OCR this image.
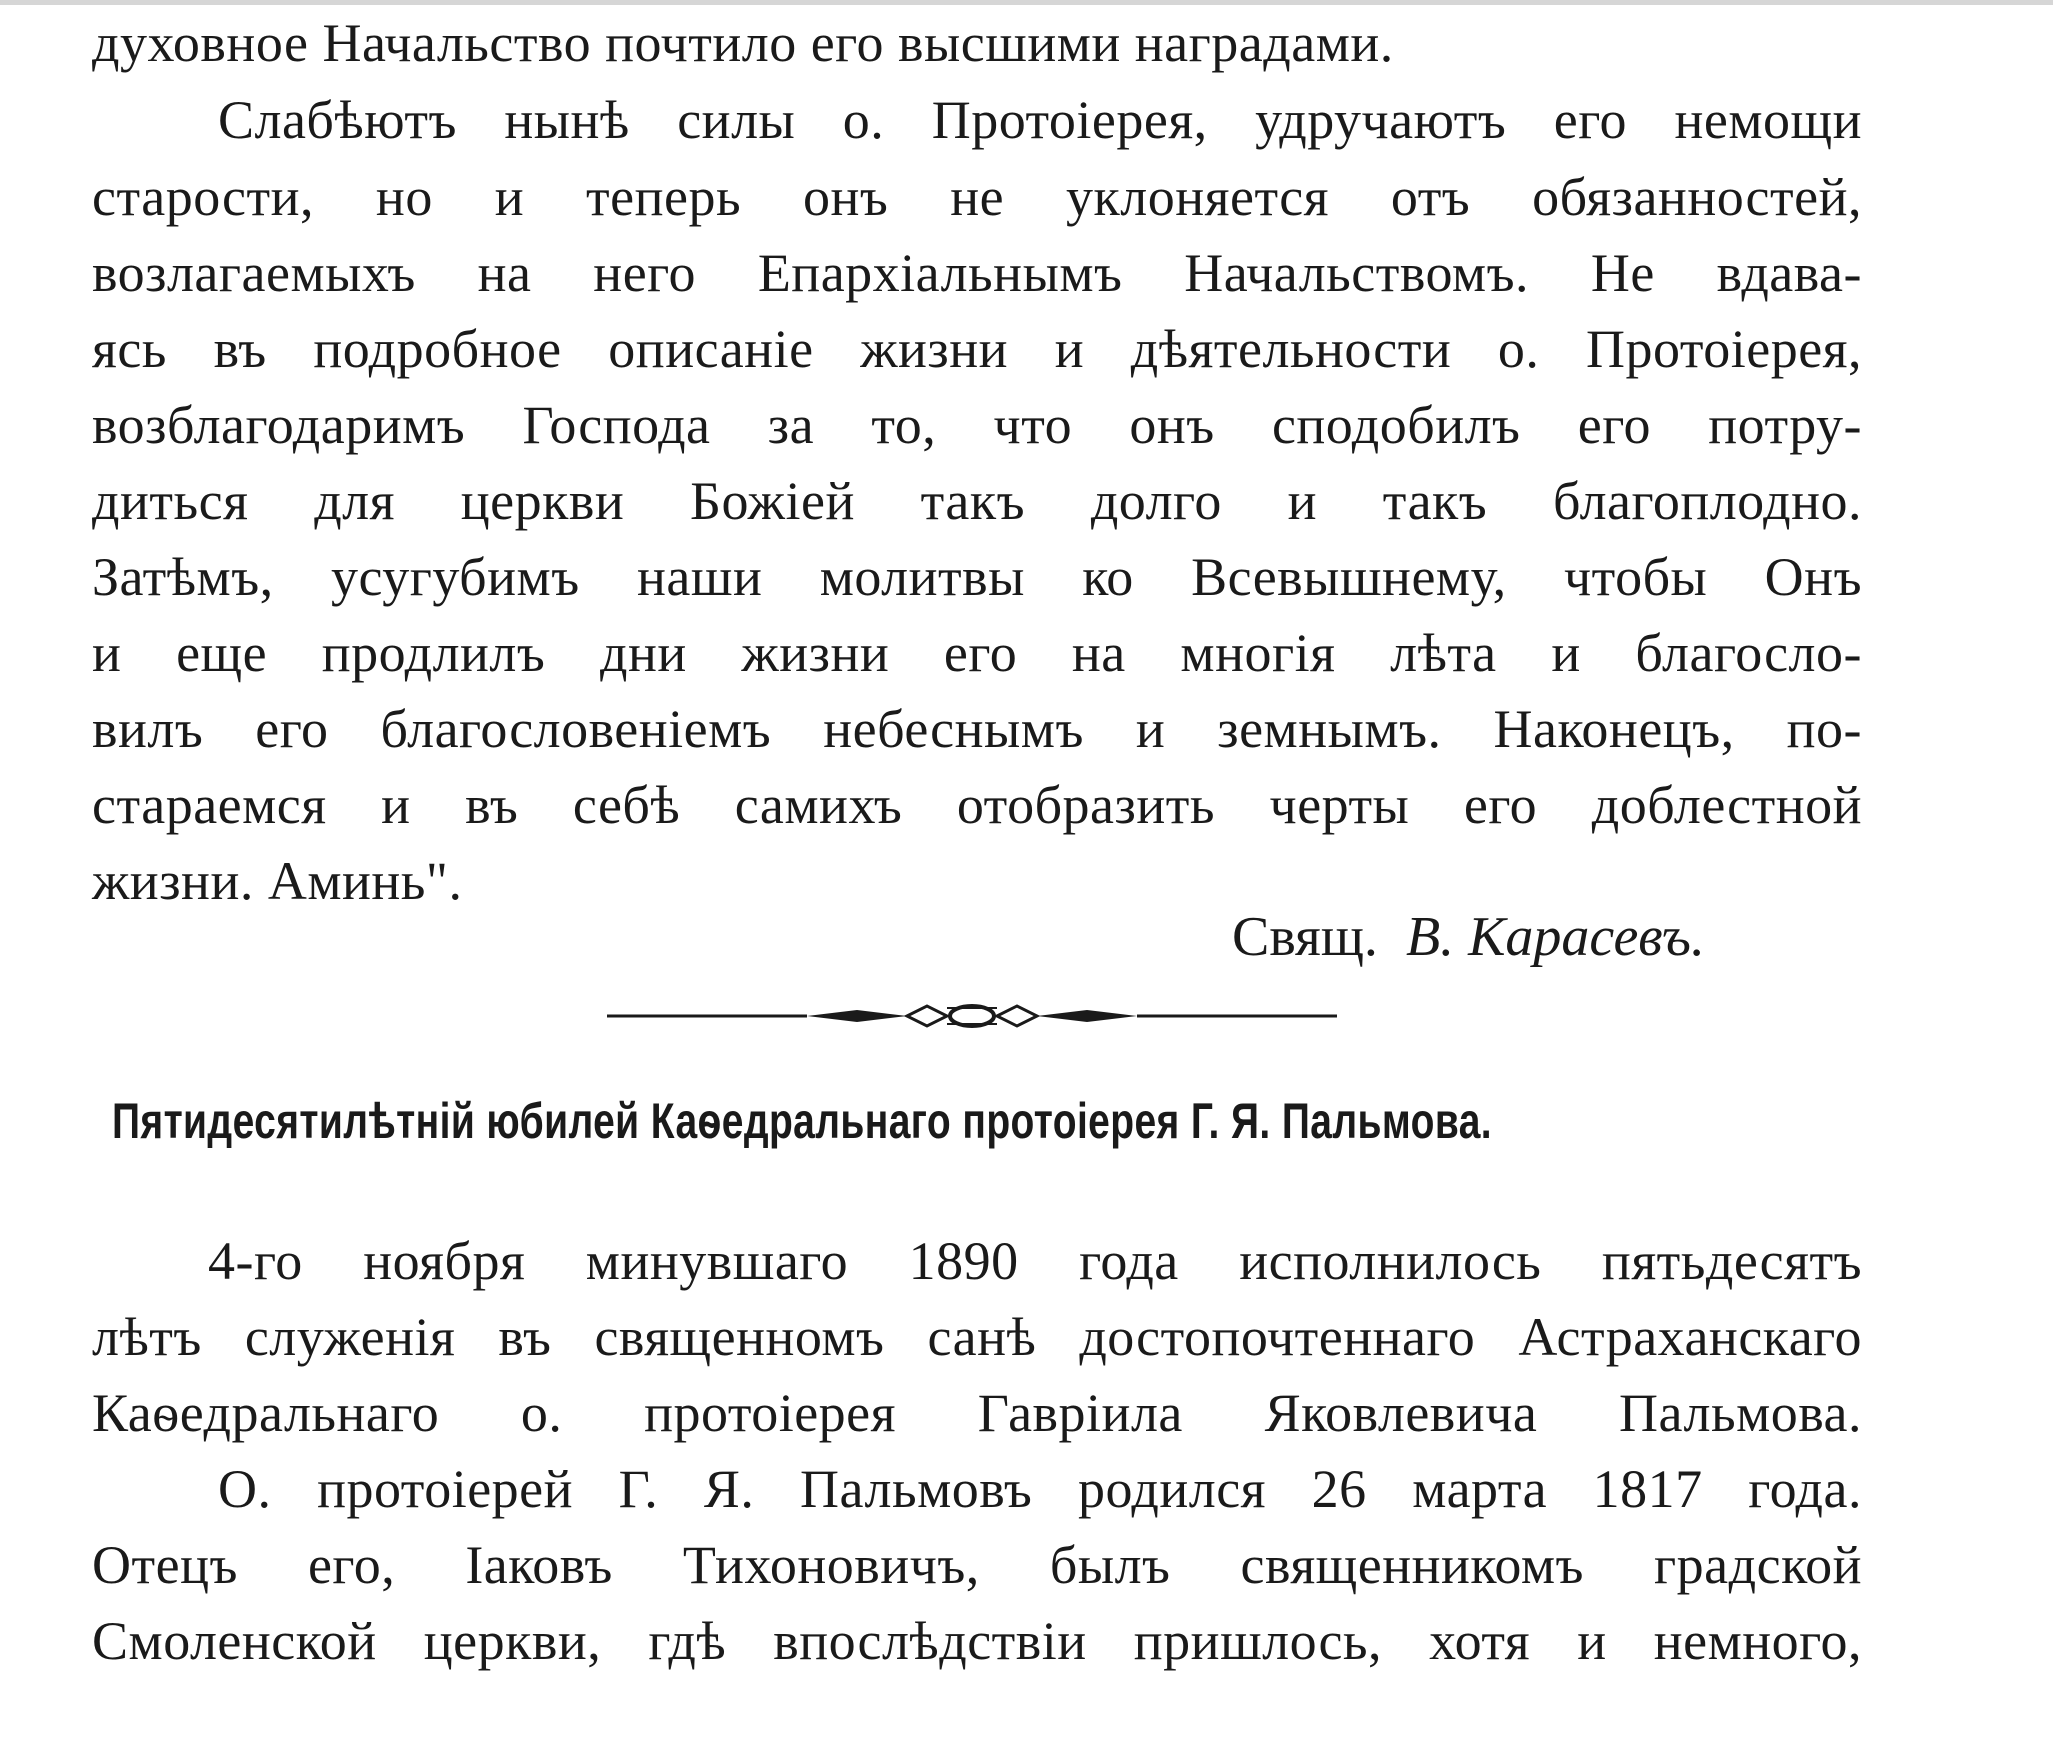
духовное Начальство почтило его высшими наградами.
Слабѣютъ нынѣ силы о. Протоіерея, удручаютъ его немощи
старости, но и теперь онъ не уклоняется отъ обязанностей,
возлагаемыхъ на него Епархіальнымъ Начальствомъ. Не вдава-
ясь въ подробное описаніе жизни и дѣятельности о. Протоіерея,
возблагодаримъ Господа за то, что онъ сподобилъ его потру-
диться для церкви Божіей такъ долго и такъ благоплодно.
Затѣмъ, усугубимъ наши молитвы ко Всевышнему, чтобы Онъ
и еще продлилъ дни жизни его на многія лѣта и благосло-
вилъ его благословеніемъ небеснымъ и земнымъ. Наконецъ, по-
стараемся и въ себѣ самихъ отобразить черты его доблестной
жизни. Аминь".
Свящ. В. Карасевъ.
Пятидесятилѣтній юбилей Каѳедральнаго протоіерея Г. Я. Пальмова.
4-го ноября минувшаго 1890 года исполнилось пятьдесятъ
лѣтъ служенія въ священномъ санѣ достопочтеннаго Астраханскаго
Каѳедральнаго о. протоіерея Гавріила Яковлевича Пальмова.
О. протоіерей Г. Я. Пальмовъ родился 26 марта 1817 года.
Отецъ его, Іаковъ Тихоновичъ, былъ священникомъ градской
Смоленской церкви, гдѣ впослѣдствіи пришлось, хотя и немного,
